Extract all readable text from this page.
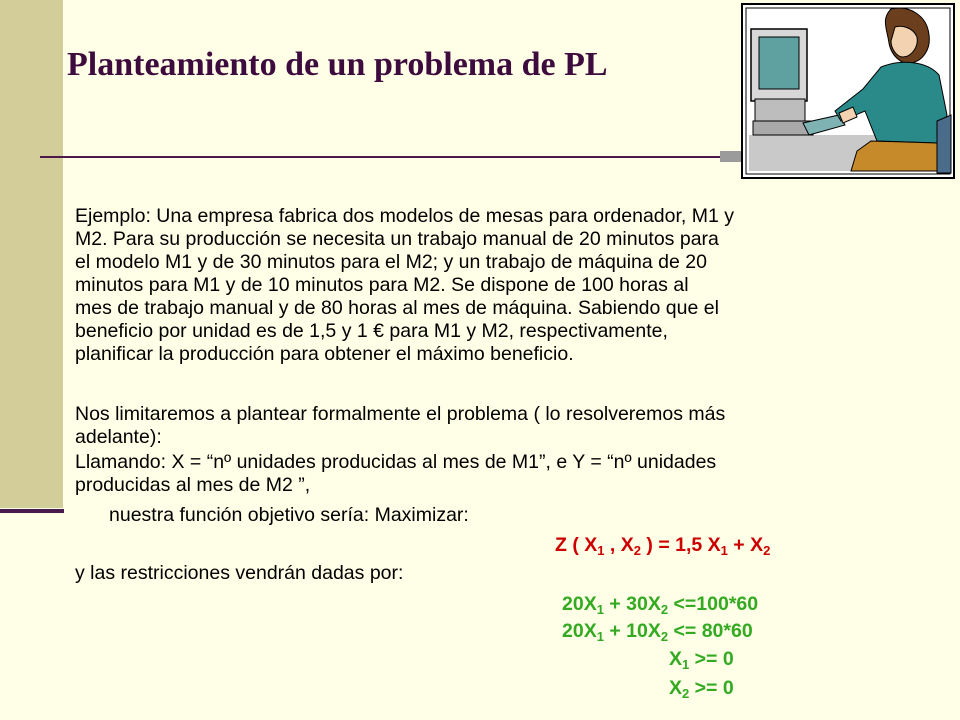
Planteamiento de un problema de PL
Ejemplo: Una empresa fabrica dos modelos de mesas para ordenador, M1 y
M2. Para su producción se necesita un trabajo manual de 20 minutos para
el modelo M1 y de 30 minutos para el M2; y un trabajo de máquina de 20
minutos para M1 y de 10 minutos para M2. Se dispone de 100 horas al
mes de trabajo manual y de 80 horas al mes de máquina. Sabiendo que el
beneficio por unidad es de 1,5 y 1 € para M1 y M2, respectivamente,
planificar la producción para obtener el máximo beneficio.
Nos limitaremos a plantear formalmente el problema ( lo resolveremos más
adelante):
Llamando: X = “nº unidades producidas al mes de M1”, e Y = “nº unidades
producidas al mes de M2 ”,

nuestra función objetivo sería: Maximizar:

Z ( $X_1$ , $X_2$ ) = 1,5 $X_1 + X_2$

y las restricciones vendrán dadas por:

$20X_1 + 30X_2 <=100*60$

$20X_1 + 10X_2 <= 80*60$

$X_1 >= 0$

$X_2 >= 0$
